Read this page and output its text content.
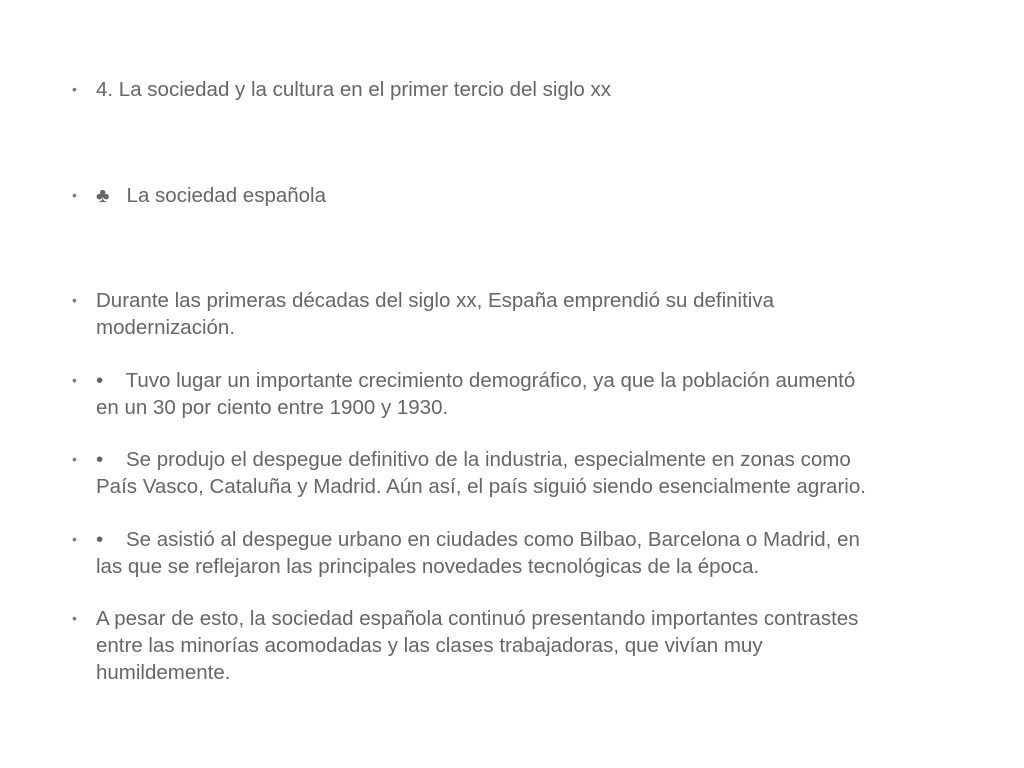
• 4. La sociedad y la cultura en el primer tercio del siglo xx
• ♣   La sociedad española
• Durante las primeras décadas del siglo xx, España emprendió su definitiva
modernización.
• •    Tuvo lugar un importante crecimiento demográfico, ya que la población aumentó
en un 30 por ciento entre 1900 y 1930.
• •    Se produjo el despegue definitivo de la industria, especialmente en zonas como
País Vasco, Cataluña y Madrid. Aún así, el país siguió siendo esencialmente agrario.
• •    Se asistió al despegue urbano en ciudades como Bilbao, Barcelona o Madrid, en
las que se reflejaron las principales novedades tecnológicas de la época.
• A pesar de esto, la sociedad española continuó presentando importantes contrastes
entre las minorías acomodadas y las clases trabajadoras, que vivían muy
humildemente.
